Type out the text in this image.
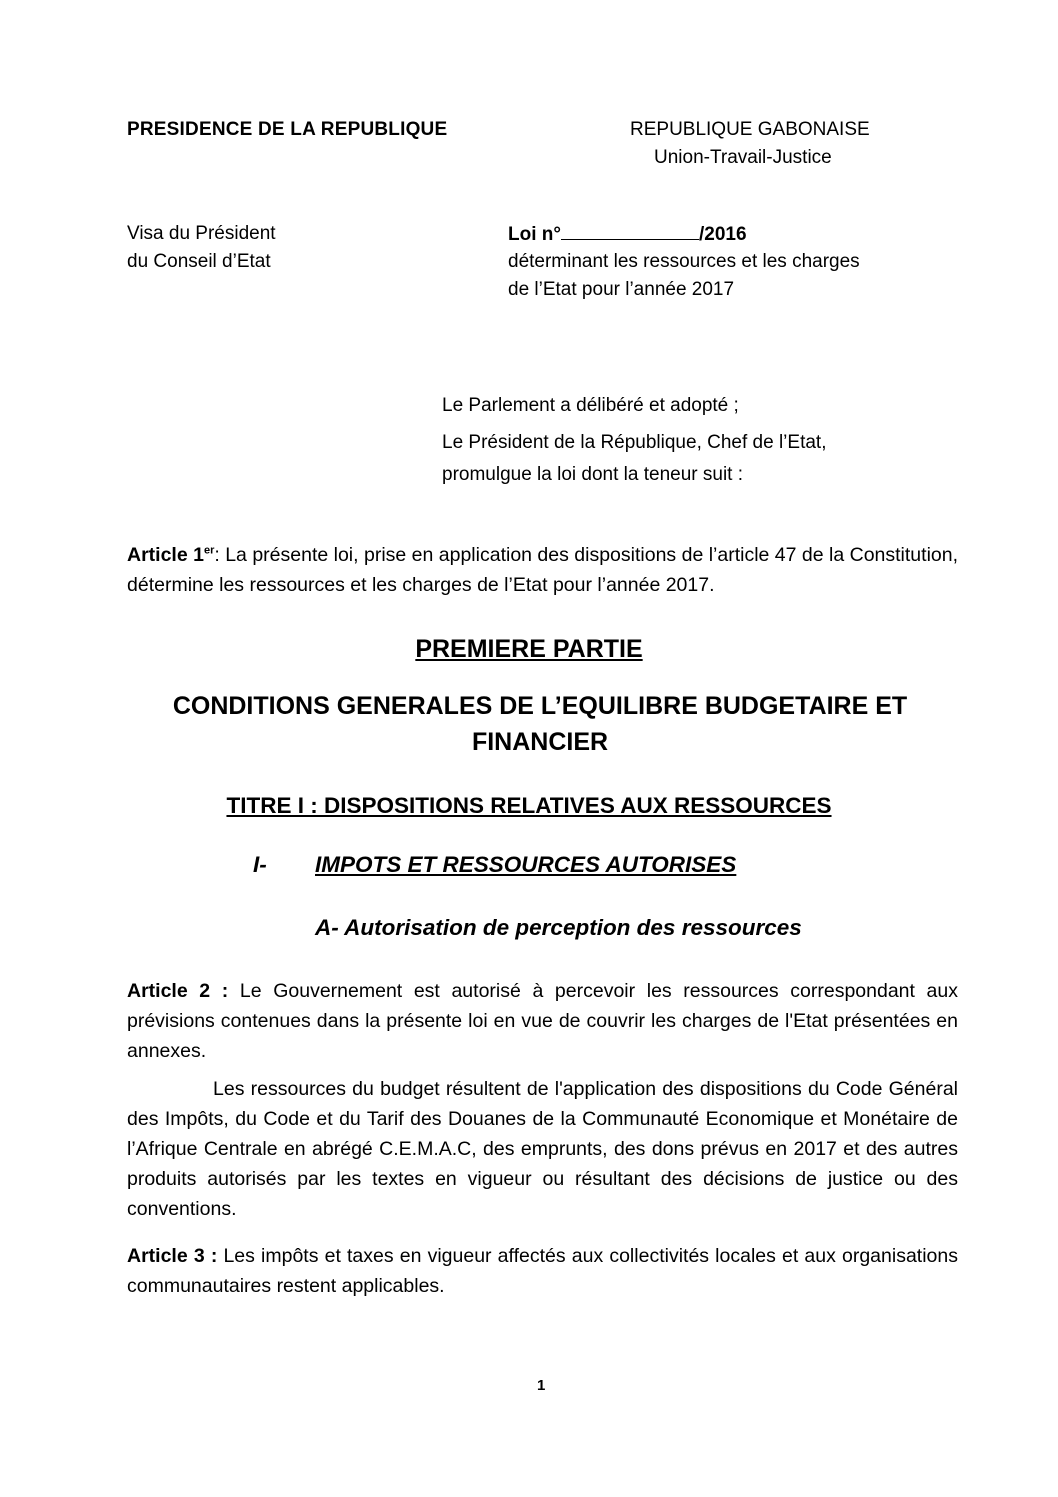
PRESIDENCE DE LA REPUBLIQUE	REPUBLIQUE GABONAISE
Union-Travail-Justice
Visa du Président
du Conseil d’Etat
Loi n°	/2016
déterminant les ressources et les charges
de l’Etat pour l’année 2017
Le Parlement a délibéré et adopté ;
Le Président de la République, Chef de l’Etat,
promulgue la loi dont la teneur suit :

Article 1er: La présente loi, prise en application des dispositions de l’article 47 de la Constitution, détermine les ressources et les charges de l’Etat pour l’année 2017.

PREMIERE PARTIE
CONDITIONS GENERALES DE L’EQUILIBRE BUDGETAIRE ET FINANCIER
TITRE I : DISPOSITIONS RELATIVES AUX RESSOURCES
I- IMPOTS ET RESSOURCES AUTORISES
A- Autorisation de perception des ressources

Article 2 : Le Gouvernement est autorisé à percevoir les ressources correspondant aux prévisions contenues dans la présente loi en vue de couvrir les charges de l'Etat présentées en annexes.

Les ressources du budget résultent de l'application des dispositions du Code Général des Impôts, du Code et du Tarif des Douanes de la Communauté Economique et Monétaire de l’Afrique Centrale en abrégé C.E.M.A.C, des emprunts, des dons prévus en 2017 et des autres produits autorisés par les textes en vigueur ou résultant des décisions de justice ou des conventions.

Article 3 : Les impôts et taxes en vigueur affectés aux collectivités locales et aux organisations communautaires restent applicables.

1
